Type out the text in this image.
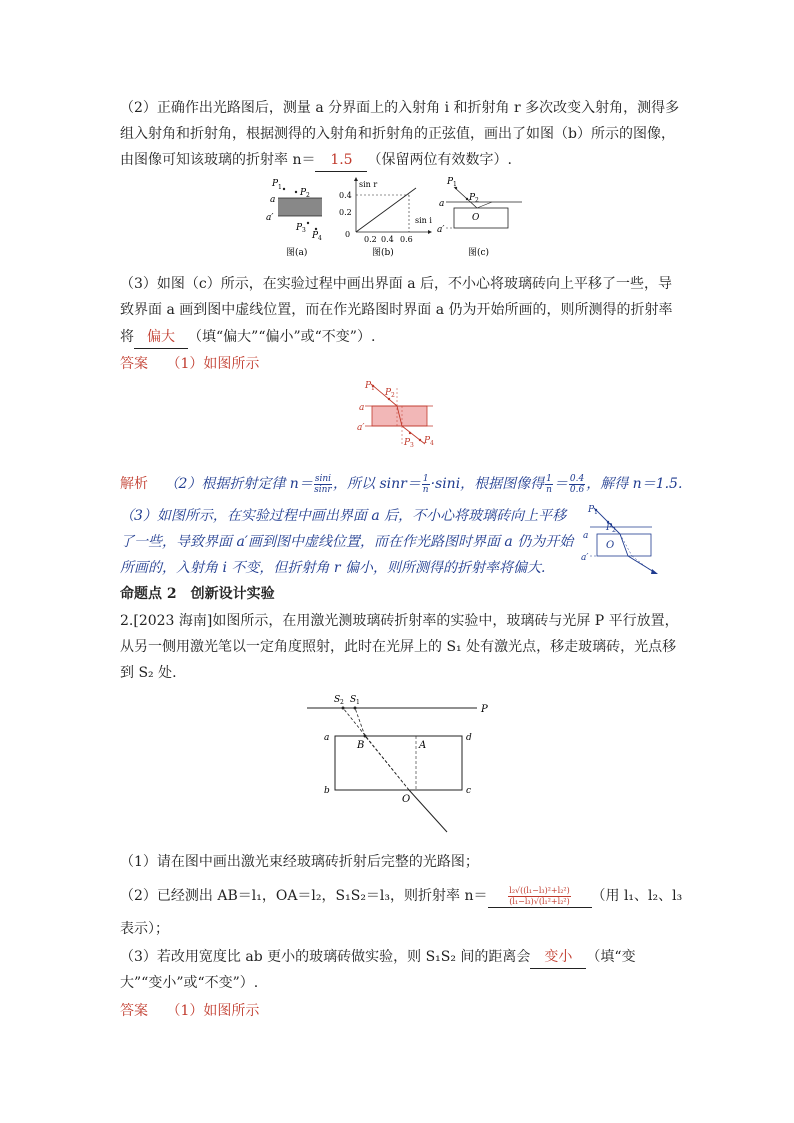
（2）正确作出光路图后，测量 a 分界面上的入射角 i 和折射角 r 多次改变入射角，测得多
组入射角和折射角，根据测得的入射角和折射角的正弦值，画出了如图（b）所示的图像，
由图像可知该玻璃的折射率 n＝ 1.5 （保留两位有效数字）.
a
a′
P 1
P 2
P 3
P 4
图(a)
sin r
sin i
0.4
0.2
0
0.2 0.4 0.6
图(b)
P 1
P 2
O
a
a′
图(c)
（3）如图（c）所示，在实验过程中画出界面 a 后，不小心将玻璃砖向上平移了一些，导
致界面 a 画到图中虚线位置，而在作光路图时界面 a 仍为开始所画的，则所测得的折射率
将 偏大 （填“偏大”“偏小”或“不变”）.
答案 （1）如图所示
P 1 P 2
P 3 P 4
a
a′
解析 （2）根据折射定律 $n= \frac{\sin i}{\sin r}$ ，所以 $\sin r= \frac{1}{n} \cdot\sin i$，根据图像得 $\frac{1}{n} = \frac{0.4}{0.6}$ ，解得 n＝1.5.
（3）如图所示，在实验过程中画出界面 a 后，不小心将玻璃砖向上平移
了一些，导致界面 a′画到图中虚线位置，而在作光路图时界面 a 仍为开始
所画的，入射角 i 不变，但折射角 r 偏小，则所测得的折射率将偏大.
P 1
P 2
O
a
a′
命题点 2　创新设计实验
2.[2023 海南]如图所示，在用激光测玻璃砖折射率的实验中，玻璃砖与光屏 P 平行放置，
从另一侧用激光笔以一定角度照射，此时在光屏上的 S₁ 处有激光点，移走玻璃砖，光点移
到 S₂ 处.
P
a	d
b	c
B	A
O
S 2 S 1
（1）请在图中画出激光束经玻璃砖折射后完整的光路图；
（2）已经测出 AB＝l₁，OA＝l₂，S₁S₂＝l₃，则折射率 n＝	$\frac{\text{l₂√((l₁−l₃)²+l₂²)}}{\text{(l₁−l₃)√(l₁²+l₂²)}}$ （用 l₁、l₂、l₃
表示）；
（3）若改用宽度比 ab 更小的玻璃砖做实验，则 S₁S₂ 间的距离会 变小 （填“变
大”“变小”或“不变”）.
答案 （1）如图所示
